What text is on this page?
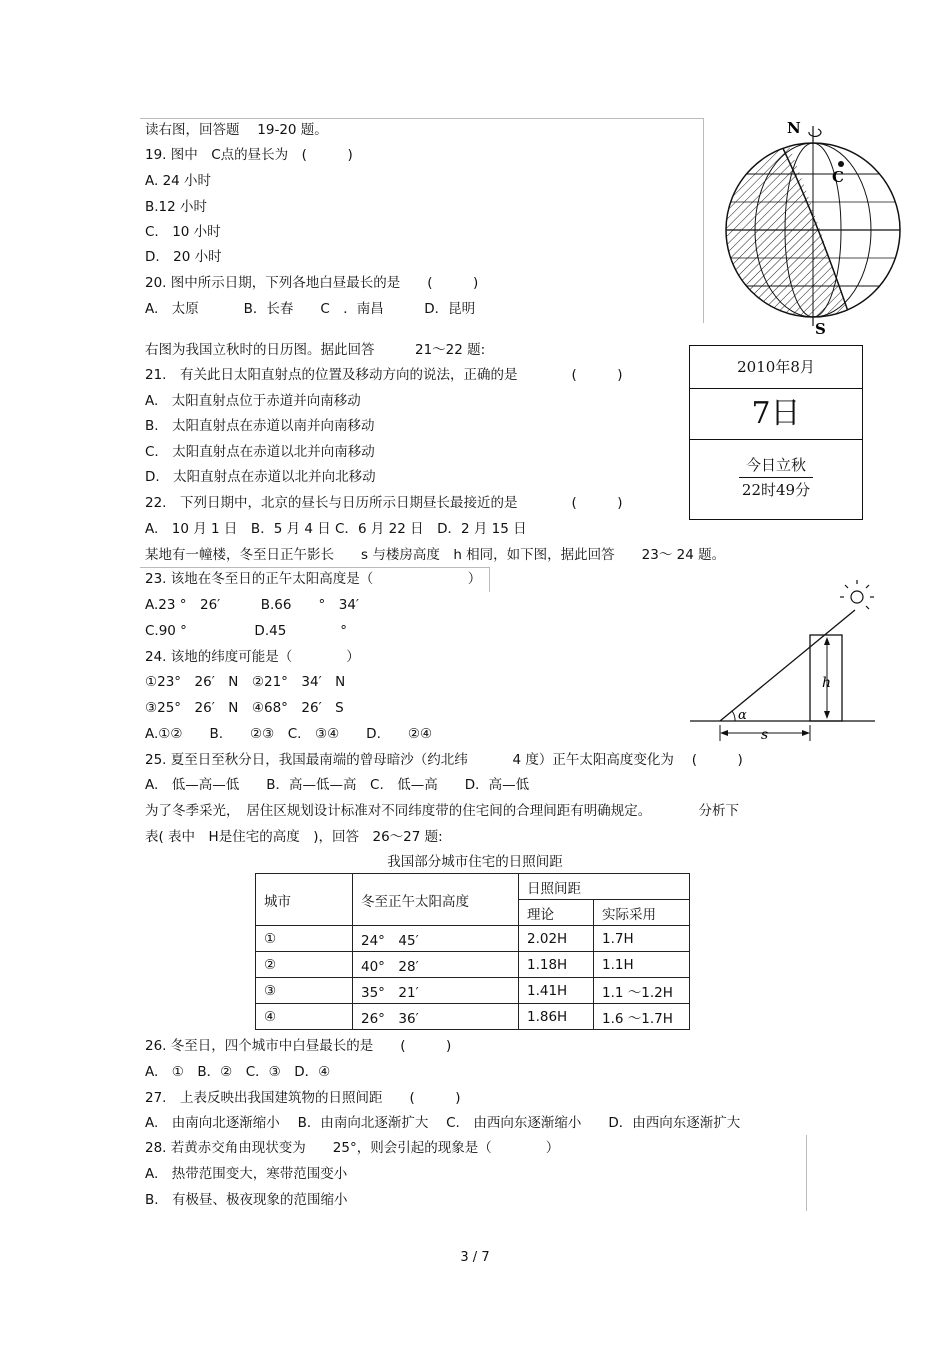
读右图，回答题　 19-20 题。
19. 图中　C点的昼长为　(　　　)
A. 24 小时
B.12 小时
C.　10 小时
D.　20 小时
20. 图中所示日期，下列各地白昼最长的是　　(　　　)
A.　太原　　　 B．长春　　C　．南昌　　　D．昆明
右图为我国立秋时的日历图。据此回答　　　21～22 题:
21.　有关此日太阳直射点的位置及移动方向的说法，正确的是　　　　(　　　)
A.　太阳直射点位于赤道并向南移动
B.　太阳直射点在赤道以南并向南移动
C.　太阳直射点在赤道以北并向南移动
D.　太阳直射点在赤道以北并向北移动
22.　下列日期中，北京的昼长与日历所示日期昼长最接近的是　　　　(　　　)
A.　10 月 1 日　B．5 月 4 日 C．6 月 22 日　D．2 月 15 日
某地有一幢楼，冬至日正午影长　　s 与楼房高度　h 相同，如下图，据此回答　　23～ 24 题。
23. 该地在冬至日的正午太阳高度是（　　　　　　　）
A.23 °　26′　　　B.66　　°　34′
C.90 °　　　　　D.45　　　　°
24. 该地的纬度可能是（　　　　）
①23°　26′　N　②21°　34′　N
③25°　26′　N　④68°　26′　S
A.①②　　B.　　②③　C.　③④　　D.　　②④
25. 夏至日至秋分日，我国最南端的曾母暗沙（约北纬　　　 4 度）正午太阳高度变化为　 (　　　)
A.　低—高—低　　B．高—低—高　C.　低—高　　D．高—低
为了冬季采光，　居住区规划设计标准对不同纬度带的住宅间的合理间距有明确规定。　　　　分析下
表( 表中　H是住宅的高度　)，回答　26～27 题:
我国部分城市住宅的日照间距
城市	冬至正午太阳高度	日照间距	
		理论	实际采用
①	24°　45′	2.02H	1.7H
②	40°　28′	1.18H	1.1H
③	35°　21′	1.41H	1.1 ～1.2H
④	26°　36′	1.86H	1.6 ～1.7H
26. 冬至日，四个城市中白昼最长的是　　(　　　)
A.　①　B．②　C．③　D．④
27.　上表反映出我国建筑物的日照间距　　(　　　)
A.　由南向北逐渐缩小　 B．由南向北逐渐扩大　 C.　由西向东逐渐缩小　　D．由西向东逐渐扩大
28. 若黄赤交角由现状变为　　25°，则会引起的现象是（　　　　）
A.　热带范围变大，寒带范围变小
B.　有极昼、极夜现象的范围缩小
N
S
C
2010年8月
7日
今日立秋
22时49分
h
α
s
3 / 7
